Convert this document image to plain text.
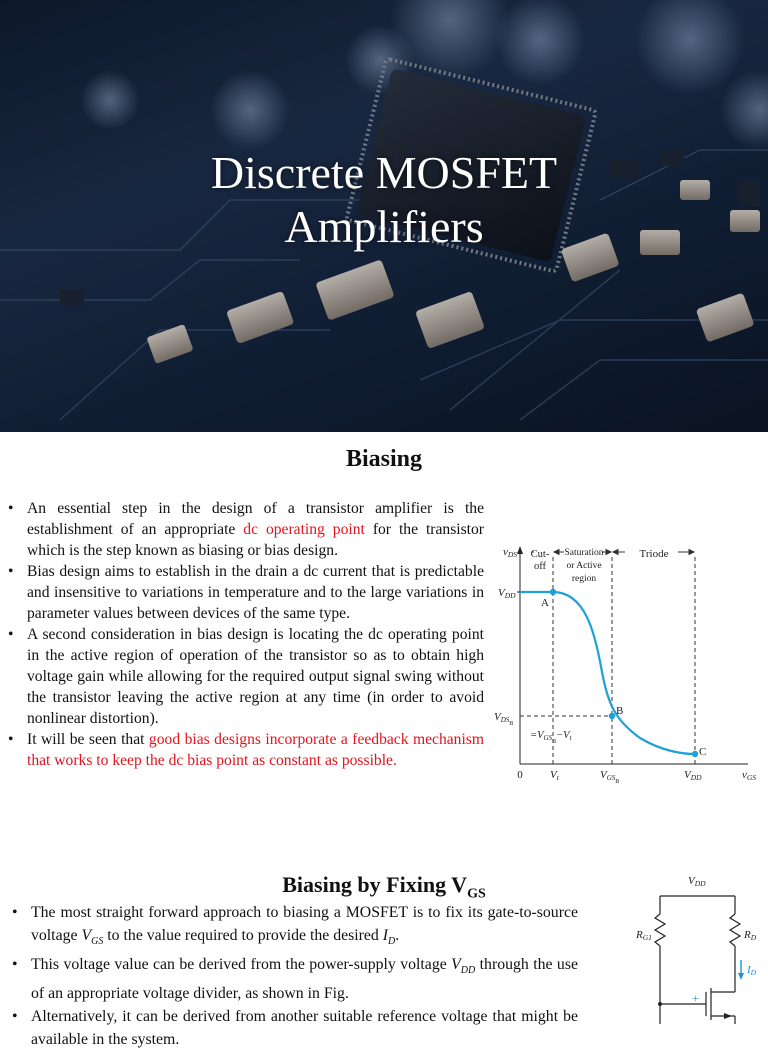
Discrete MOSFET
Amplifiers
Biasing
• An essential step in the design of a transistor amplifier is the establishment of an appropriate dc operating point for the transistor which is the step known as biasing or bias design.
• Bias design aims to establish in the drain a dc current that is predictable and insensitive to variations in temperature and to the large variations in parameter values between devices of the same type.
• A second consideration in bias design is locating the dc operating point in the active region of operation of the transistor so as to obtain high voltage gain while allowing for the required output signal swing without the transistor leaving the active region at any time (in order to avoid nonlinear distortion).
• It will be seen that good bias designs incorporate a feedback mechanism that works to keep the dc bias point as constant as possible.
Cut-
off
Saturation
or Active
region
Triode
vDS
VDD
$VDS_B$
$=VGS_B-Vt$
0 Vt	$VGS_B$
VDD	vGS
A
B
C
Biasing by Fixing $V_{GS}$
• The most straight forward approach to biasing a MOSFET is to fix its gate-to-source voltage $V_{GS}$ to the value required to provide the desired $I_D$.
• This voltage value can be derived from the power-supply voltage $V_{DD}$ through the use of an appropriate voltage divider, as shown in Fig.
• Alternatively, it can be derived from another suitable reference voltage that might be available in the system.
VDD
RG1	RD
ID
+
